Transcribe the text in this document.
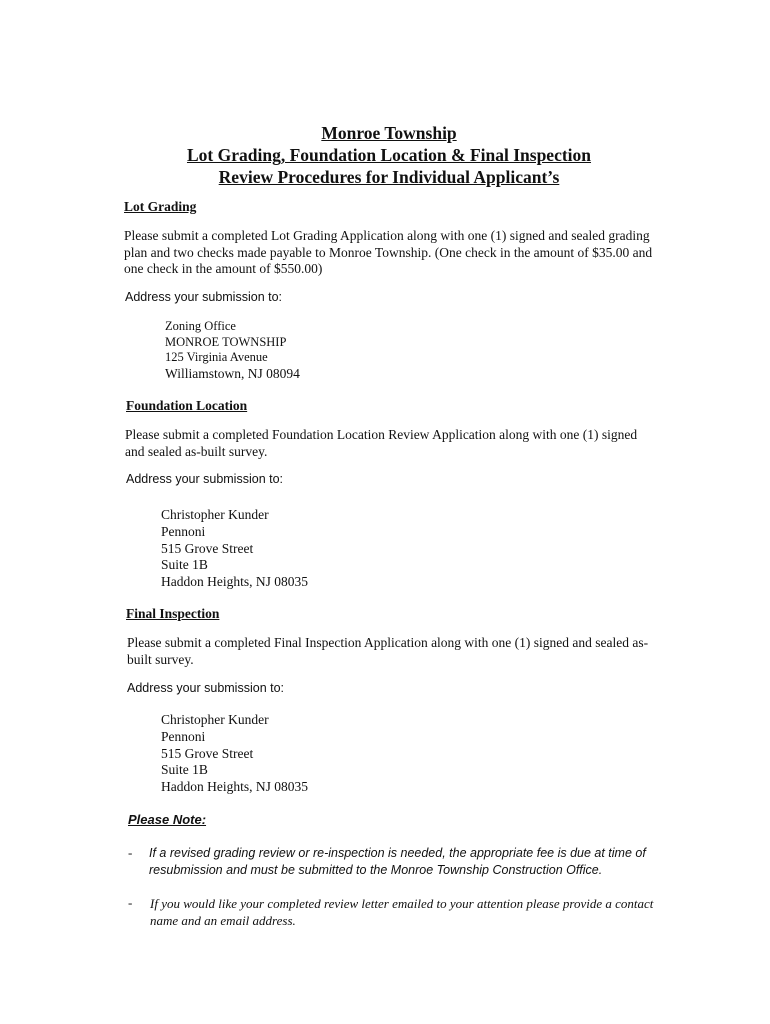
Monroe Township
Lot Grading, Foundation Location & Final Inspection
Review Procedures for Individual Applicant’s
Lot Grading
Please submit a completed Lot Grading Application along with one (1) signed and sealed grading plan and two checks made payable to Monroe Township. (One check in the amount of $35.00 and one check in the amount of $550.00)
Address your submission to:
Zoning Office
MONROE TOWNSHIP
125 Virginia Avenue
Williamstown, NJ 08094
Foundation Location
Please submit a completed Foundation Location Review Application along with one (1) signed and sealed as-built survey.
Address your submission to:
Christopher Kunder
Pennoni
515 Grove Street
Suite 1B
Haddon Heights, NJ 08035
Final Inspection
Please submit a completed Final Inspection Application along with one (1) signed and sealed as-built survey.
Address your submission to:
Christopher Kunder
Pennoni
515 Grove Street
Suite 1B
Haddon Heights, NJ 08035
Please Note:
- If a revised grading review or re-inspection is needed, the appropriate fee is due at time of resubmission and must be submitted to the Monroe Township Construction Office.
- If you would like your completed review letter emailed to your attention please provide a contact name and an email address.
